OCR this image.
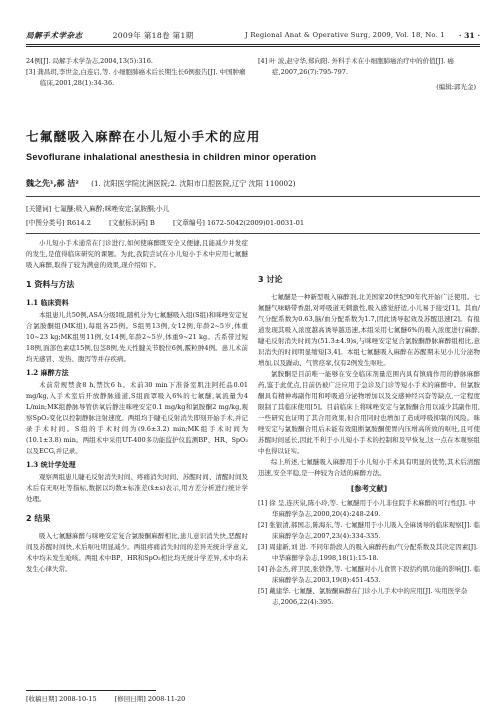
局解手术学杂志	2009年 第18卷 第1期	J Regional Anat & Operative Surg, 2009, Vol. 18, No. 1 · 31 ·
24例[J]. 局解手术学杂志,2004,13(5):316.
[3] 龚昌玥,李世金,白连启,等. 小细胞肺癌术后长期生长6例报告[J]. 中国肿瘤临床,2001,28(1):34-36.
[4] 叶 波,赵守华,郑向阳. 外科手术在小细胞肺癌治疗中的价值[J]. 癌症,2007,26(7):795-797.
(编辑:郭光金)
七氟醚吸入麻醉在小儿短小手术的应用
Sevoflurane inhalational anesthesia in children minor operation
魏之先¹,郝 洁² (1. 沈阳医学院沈洲医院;2. 沈阳市口腔医院,辽宁 沈阳 110002)
[关键词] 七氟醚;吸入麻醉;咪唑安定;氯胺酮;小儿
[中图分类号] R614.2	[文献标识码] B	[文章编号] 1672-5042(2009)01-0031-01

小儿短小手术通常在门诊进行,如何使麻醉既安全又便捷,且能减少并发症的发生,是值得临床研究的课题。为此,我院尝试在小儿短小手术中应用七氟醚吸入麻醉,取得了较为满意的效果,现介绍如下。

1 资料与方法
1.1 临床资料

本组患儿共50例,ASA分级Ⅰ级,随机分为七氟醚吸入组(S组)和咪唑安定复合氯胺酮组(MK组),每组各25例。S组男13例,女12例,年龄2~5岁,体重10~23 kg;MK组男11例,女14例,年龄2~5岁,体重9~21 kg。舌系带过短18例,面部色素痣15例,包茎8例,先天性腱关节脱位6例,霰粒肿4例。患儿术前均无感冒、发热、腹泻等并存疾病。

1.2 麻醉方法

术前常规禁食8 h,禁饮6 h。术前30 min下准备室肌注阿托品0.01 mg/kg,入手术室后开放静脉通道,S组面罩吸入6%的七氟醚,氧流量为4 L/min;MK组静脉导管供氧后静注咪唑安定0.1 mg/kg和氯胺酮2 mg/kg,观察SpO₂变化以控制静脉注射速度。两组均于睫毛反射消失即刻开始手术,并记录手术时间。S组的手术时间为(9.6±3.2) min;MK组手术时间为(10.1±3.8) min。两组术中采用UT-400多功能监护仪监测BP、HR、SpO₂以及ECG,并记录。

1.3 统计学处理

观察两组患儿睫毛反射消失时间、疼痛消失时间、苏醒时间、清醒时间及术后有无呕吐等指标,数据以均数±标准差(x̄±s)表示,用方差分析进行统计学处理。

2 结果

吸入七氟醚麻醉与咪唑安定复合氯胺酮麻醉相比,患儿意识消失快,恶醒时间及苏醒时间快,术后呕吐明显减少。两组疼痛消失时间的差异无统计学意义,术中均未发生呛咳。两组术中BP、HR和SpO₂相比均无统计学差异,术中均未发生心律失常。

3 讨论

七氟醚是一种新型吸入麻醉剂,北美国家20世纪90年代开始广泛使用。七氟醚气味略带香甜,对呼吸道无刺激性,吸入感觉舒适,小儿易于接受[1]。其血/气分配系数为0.63,脑/血分配系数为1.7,因此诱导起效及苏醒迅速[2]。有报道发现其吸入浓度越高诱导越迅速,本组采用七氟醚6%的吸入浓度进行麻醉,睫毛反射消失时间为(51.3±4.9)s,与咪唑安定复合氯胺酮静脉麻醉组相比,意识消失的时间明显缩短[3,4]。本组七氟醚吸入麻醉在苏醒期未见小儿分泌物增加,以及躁动、气管痉挛,仅有2例发生呕吐。

氯胺酮是目前唯一能够在安全临床剂量范围内具有镇痛作用的静脉麻醉药,鉴于此优点,目前仍被广泛应用于急诊及门诊等短小手术的麻醉中。但氯胺酮具有精神毒副作用和呼吸道分泌物增加以及交感神经兴奋等缺点,一定程度限制了其临床使用[5]。目前临床上将咪唑安定与氯胺酮合用以减少其副作用,一些研究也证明了其合用效果,但合用同时也增加了造成呼吸抑制的风险。咪唑安定与氯胺酮合用后未能有效阻断氯胺酮使胃内压增高所致的呕吐,且可使苏醒时间延长,因此不利于小儿短小手术的控制和及早恢复,这一点在本观察组中也得以证实。

综上所述,七氟醚吸入麻醉用于小儿短小手术具有明显的优势,其术后清醒迅速,安全平稳,是一种较为合适的麻醉方法。

[参考文献]
[1] 徐 呈,连庆泉,陈小玲,等. 七氟醚用于小儿非住院手术麻醉的可行性[J]. 中华麻醉学杂志,2000,20(4):248-249.
[2] 张银清,郝国志,陈海东,等. 七氟醚用于小儿吸入全麻诱导的临床观察[J]. 临床麻醉学杂志,2007,23(4):334-335.
[3] 周建新,刘 进. 不同年龄段人的吸入麻醉药血/气分配系数及其决定因素[J]. 中华麻醉学杂志,1998,18(1):15-18.
[4] 孙金杰,蒋卫民,张铁铮,等. 七氟醚对小儿食管下段括约肌功能的影响[J]. 临床麻醉学杂志,2003,19(8):451-453.
[5] 戴建华. 七氟醚、氯胺酮麻醉在门诊小儿手术中的应用[J]. 实用医学杂志,2006,22(4):395.
[收稿日期] 2008-10-15	[修回日期] 2008-11-20
